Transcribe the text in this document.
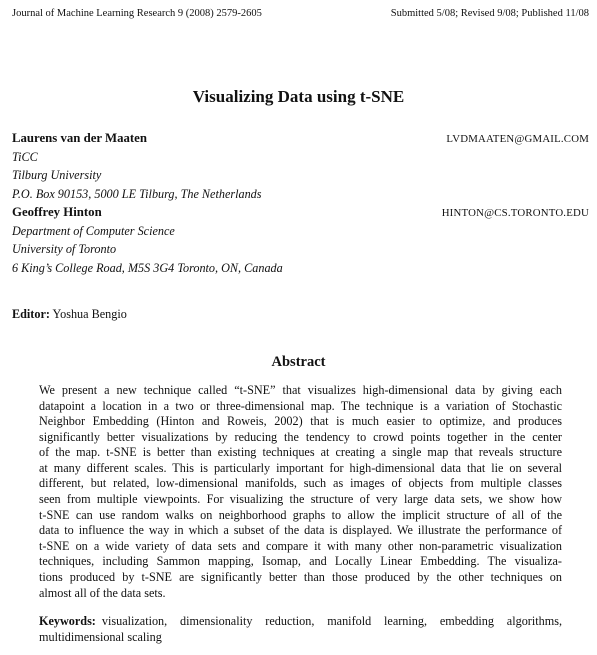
Journal of Machine Learning Research 9 (2008) 2579-2605	Submitted 5/08; Revised 9/08; Published 11/08
Visualizing Data using t-SNE
Laurens van der Maaten
TiCC
Tilburg University
P.O. Box 90153, 5000 LE Tilburg, The Netherlands
LVDMAATEN@GMAIL.COM
Geoffrey Hinton
Department of Computer Science
University of Toronto
6 King’s College Road, M5S 3G4 Toronto, ON, Canada
HINTON@CS.TORONTO.EDU
Editor: Yoshua Bengio
Abstract
We present a new technique called “t-SNE” that visualizes high-dimensional data by giving each
datapoint a location in a two or three-dimensional map. The technique is a variation of Stochastic
Neighbor Embedding (Hinton and Roweis, 2002) that is much easier to optimize, and produces
significantly better visualizations by reducing the tendency to crowd points together in the center
of the map. t-SNE is better than existing techniques at creating a single map that reveals structure
at many different scales. This is particularly important for high-dimensional data that lie on several
different, but related, low-dimensional manifolds, such as images of objects from multiple classes
seen from multiple viewpoints. For visualizing the structure of very large data sets, we show how
t-SNE can use random walks on neighborhood graphs to allow the implicit structure of all of the
data to influence the way in which a subset of the data is displayed. We illustrate the performance of
t-SNE on a wide variety of data sets and compare it with many other non-parametric visualization
techniques, including Sammon mapping, Isomap, and Locally Linear Embedding. The visualiza-
tions produced by t-SNE are significantly better than those produced by the other techniques on
almost all of the data sets.
Keywords: visualization, dimensionality reduction, manifold learning, embedding algorithms,
multidimensional scaling
